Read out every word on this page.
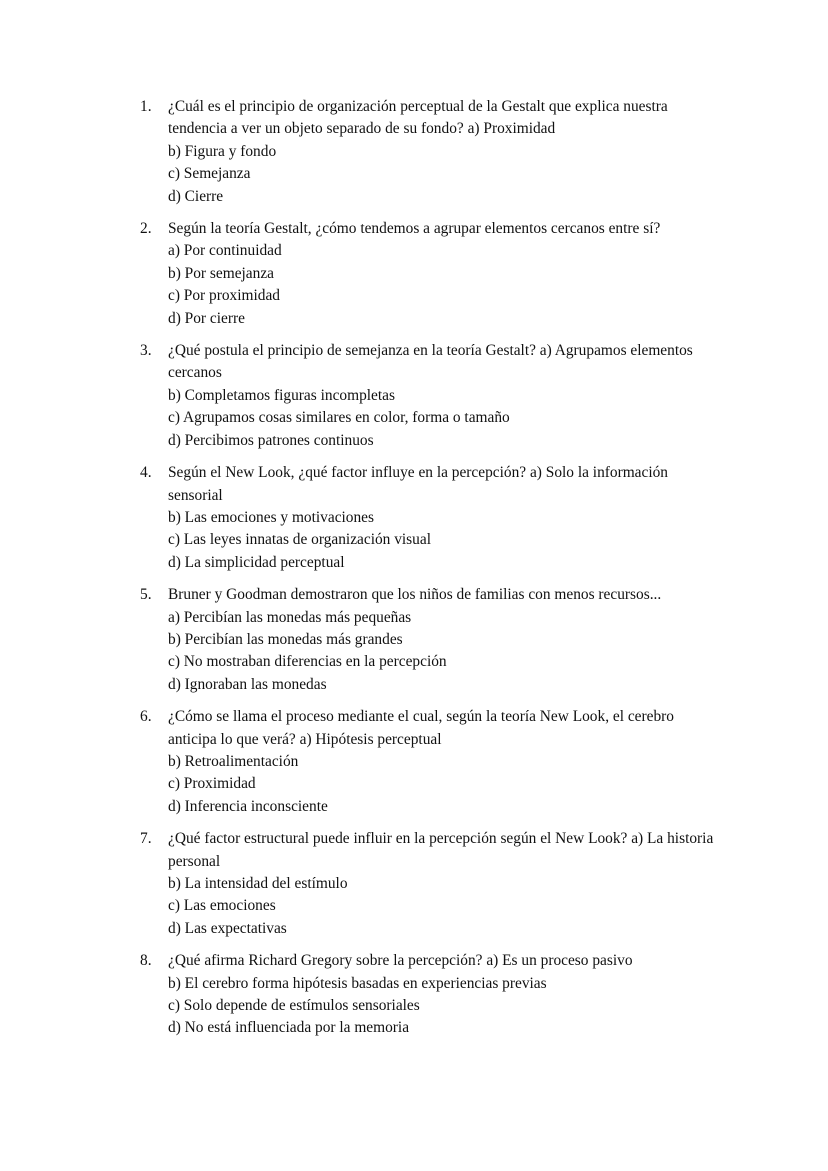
1.	¿Cuál es el principio de organización perceptual de la Gestalt que explica nuestra tendencia a ver un objeto separado de su fondo? a) Proximidad
b) Figura y fondo
c) Semejanza
d) Cierre
2.	Según la teoría Gestalt, ¿cómo tendemos a agrupar elementos cercanos entre sí?
a) Por continuidad
b) Por semejanza
c) Por proximidad
d) Por cierre
3.	¿Qué postula el principio de semejanza en la teoría Gestalt? a) Agrupamos elementos cercanos
b) Completamos figuras incompletas
c) Agrupamos cosas similares en color, forma o tamaño
d) Percibimos patrones continuos
4.	Según el New Look, ¿qué factor influye en la percepción? a) Solo la información sensorial
b) Las emociones y motivaciones
c) Las leyes innatas de organización visual
d) La simplicidad perceptual
5.	Bruner y Goodman demostraron que los niños de familias con menos recursos...
a) Percibían las monedas más pequeñas
b) Percibían las monedas más grandes
c) No mostraban diferencias en la percepción
d) Ignoraban las monedas
6.	¿Cómo se llama el proceso mediante el cual, según la teoría New Look, el cerebro anticipa lo que verá? a) Hipótesis perceptual
b) Retroalimentación
c) Proximidad
d) Inferencia inconsciente
7.	¿Qué factor estructural puede influir en la percepción según el New Look? a) La historia personal
b) La intensidad del estímulo
c) Las emociones
d) Las expectativas
8.	¿Qué afirma Richard Gregory sobre la percepción? a) Es un proceso pasivo
b) El cerebro forma hipótesis basadas en experiencias previas
c) Solo depende de estímulos sensoriales
d) No está influenciada por la memoria
